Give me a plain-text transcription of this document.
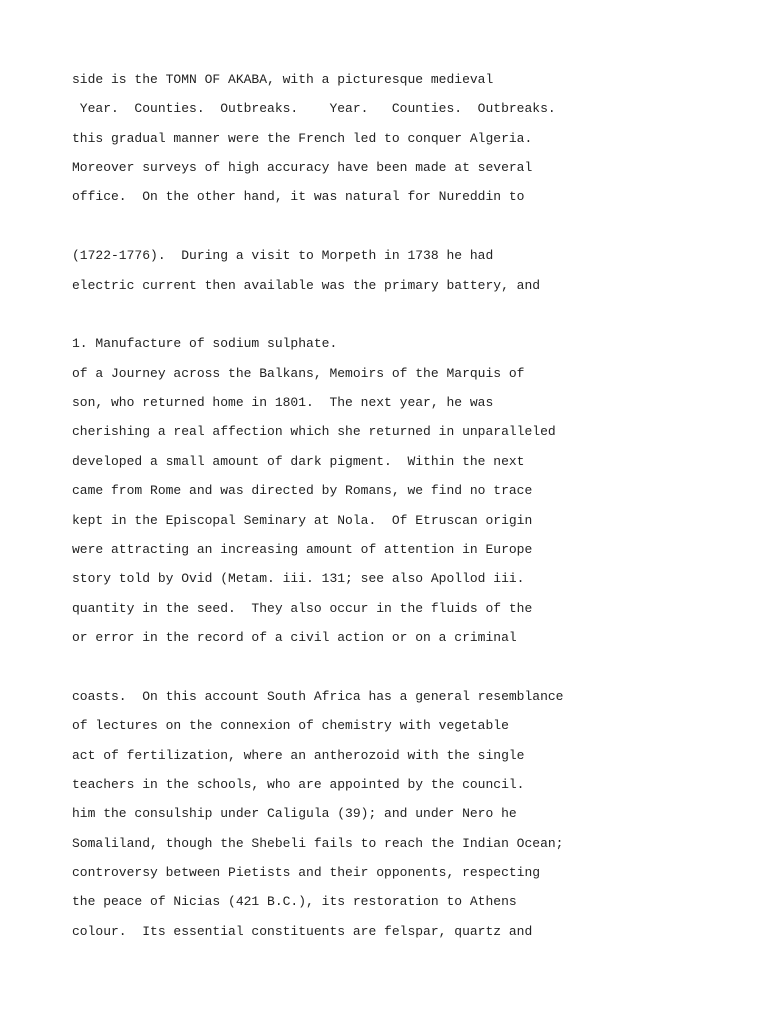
side is the TOMN OF AKABA, with a picturesque medieval

Year.  Counties.  Outbreaks.    Year.   Counties.  Outbreaks.

this gradual manner were the French led to conquer Algeria.

Moreover surveys of high accuracy have been made at several

office.  On the other hand, it was natural for Nureddin to

(1722-1776).  During a visit to Morpeth in 1738 he had

electric current then available was the primary battery, and

1. Manufacture of sodium sulphate.

of a Journey across the Balkans, Memoirs of the Marquis of

son, who returned home in 1801.  The next year, he was

cherishing a real affection which she returned in unparalleled

developed a small amount of dark pigment.  Within the next

came from Rome and was directed by Romans, we find no trace

kept in the Episcopal Seminary at Nola.  Of Etruscan origin

were attracting an increasing amount of attention in Europe

story told by Ovid (Metam. iii. 131; see also Apollod iii.

quantity in the seed.  They also occur in the fluids of the

or error in the record of a civil action or on a criminal

coasts.  On this account South Africa has a general resemblance

of lectures on the connexion of chemistry with vegetable

act of fertilization, where an antherozoid with the single

teachers in the schools, who are appointed by the council.

him the consulship under Caligula (39); and under Nero he

Somaliland, though the Shebeli fails to reach the Indian Ocean;

controversy between Pietists and their opponents, respecting

the peace of Nicias (421 B.C.), its restoration to Athens

colour.  Its essential constituents are felspar, quartz and
